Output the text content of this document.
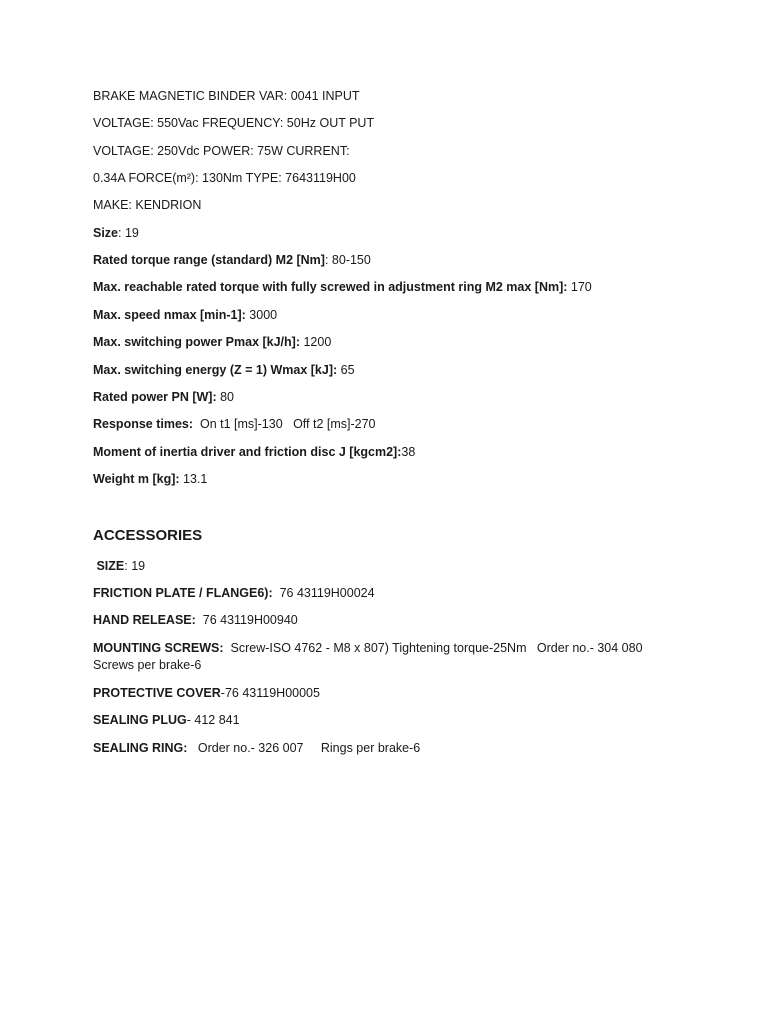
BRAKE MAGNETIC BINDER VAR: 0041 INPUT
VOLTAGE: 550Vac FREQUENCY: 50Hz OUT PUT
VOLTAGE: 250Vdc POWER: 75W CURRENT:
0.34A FORCE(m²): 130Nm TYPE: 7643119H00
MAKE: KENDRION
Size: 19
Rated torque range (standard) M2 [Nm]: 80-150
Max. reachable rated torque with fully screwed in adjustment ring M2 max [Nm]: 170
Max. speed nmax [min-1]: 3000
Max. switching power Pmax [kJ/h]: 1200
Max. switching energy (Z = 1) Wmax [kJ]: 65
Rated power PN [W]: 80
Response times:  On t1 [ms]-130   Off t2 [ms]-270
Moment of inertia driver and friction disc J [kgcm2]:38
Weight m [kg]: 13.1
ACCESSORIES
SIZE: 19
FRICTION PLATE / FLANGE6):  76 43119H00024
HAND RELEASE:  76 43119H00940
MOUNTING SCREWS:  Screw-ISO 4762 - M8 x 807) Tightening torque-25Nm   Order no.- 304 080 Screws per brake-6
PROTECTIVE COVER-76 43119H00005
SEALING PLUG- 412 841
SEALING RING:   Order no.- 326 007     Rings per brake-6
